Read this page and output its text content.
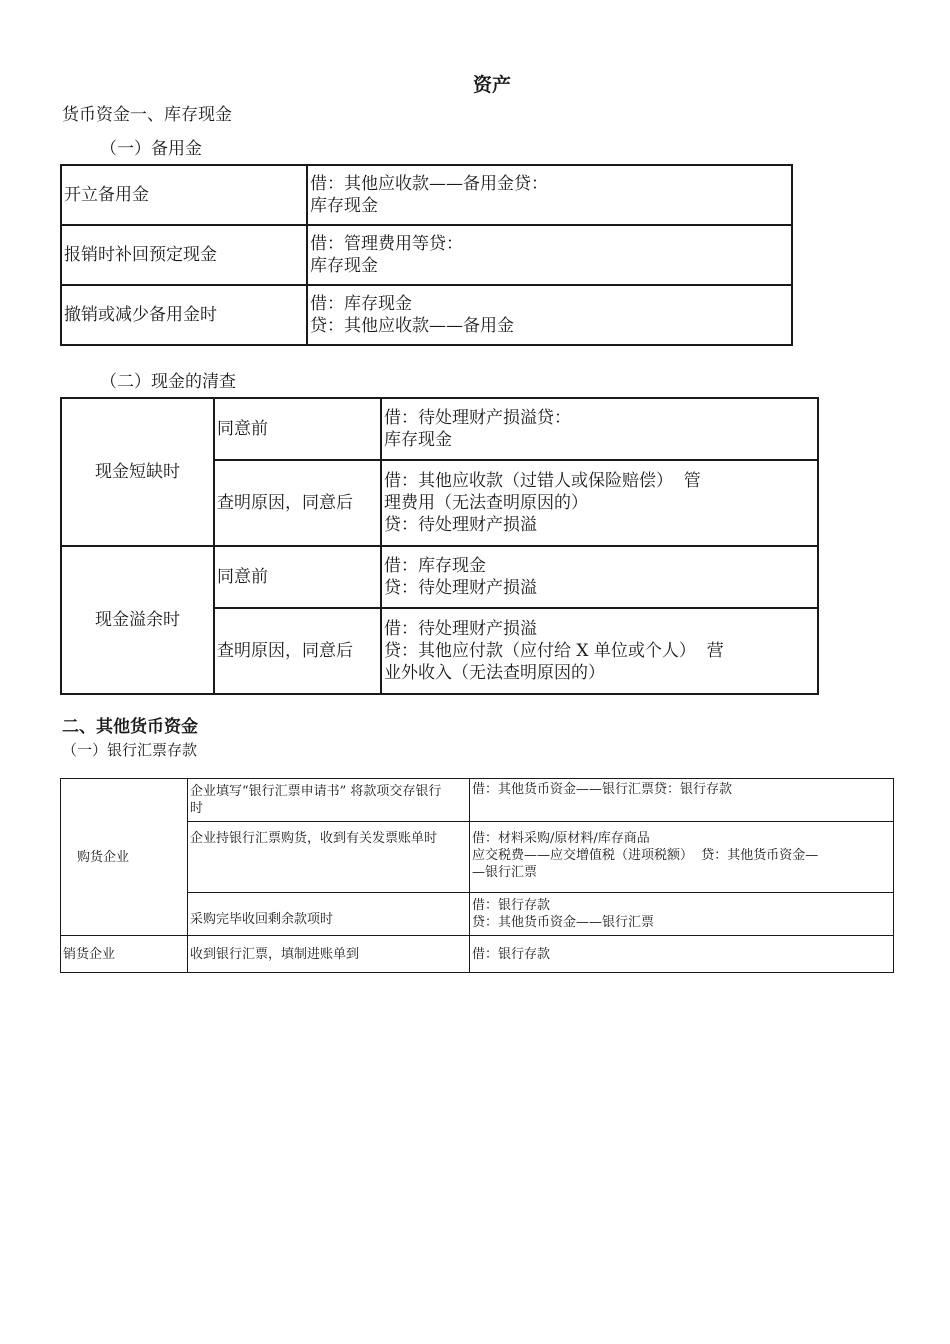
资产
货币资金一、库存现金
（一）备用金
开立备用金	借：其他应收款——备用金贷：
库存现金

报销时补回预定现金	借：管理费用等贷：
库存现金

撤销或减少备用金时	借：库存现金
贷：其他应收款——备用金
（二）现金的清查
现金短缺时	同意前	借：待处理财产损溢贷：
库存现金

	查明原因，同意后	借：其他应收款（过错人或保险赔偿）  管
理费用（无法查明原因的）
贷：待处理财产损溢

现金溢余时	同意前	借：库存现金
贷：待处理财产损溢

	查明原因，同意后	借：待处理财产损溢
贷：其他应付款（应付给 X 单位或个人）  营
业外收入（无法查明原因的）
二、其他货币资金
（一）银行汇票存款
购货企业	企业填写“银行汇票申请书” 将款项交存银行
时	借：其他货币资金——银行汇票贷：银行存款

	企业持银行汇票购货，收到有关发票账单时	借：材料采购/原材料/库存商品
应交税费——应交增值税（进项税额）  贷：其他货币资金—
—银行汇票

	采购完毕收回剩余款项时	借：银行存款
贷：其他货币资金——银行汇票

销货企业	收到银行汇票，填制进账单到	借：银行存款
